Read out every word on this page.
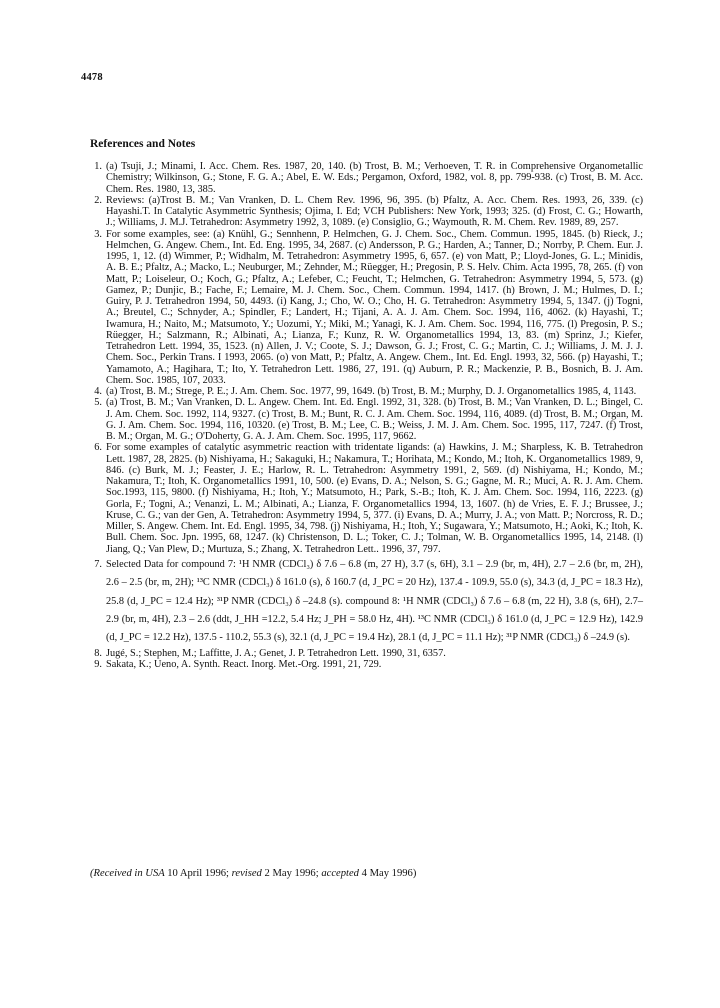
4478
References and Notes
1. (a) Tsuji, J.; Minami, I. Acc. Chem. Res. 1987, 20, 140. (b) Trost, B. M.; Verhoeven, T. R. in Comprehensive Organometallic Chemistry; Wilkinson, G.; Stone, F. G. A.; Abel, E. W. Eds.; Pergamon, Oxford, 1982, vol. 8, pp. 799-938. (c) Trost, B. M. Acc. Chem. Res. 1980, 13, 385.
2. Reviews: (a)Trost B. M.; Van Vranken, D. L. Chem Rev. 1996, 96, 395. (b) Pfaltz, A. Acc. Chem. Res. 1993, 26, 339. (c) Hayashi.T. In Catalytic Asymmetric Synthesis; Ojima, I. Ed; VCH Publishers: New York, 1993; 325. (d) Frost, C. G.; Howarth, J.; Williams, J. M.J. Tetrahedron: Asymmetry 1992, 3, 1089. (e) Consiglio, G.; Waymouth, R. M. Chem. Rev. 1989, 89, 257.
3. For some examples, see: (a) Knühl, G.; Sennhenn, P. Helmchen, G. J. Chem. Soc., Chem. Commun. 1995, 1845. (b) Rieck, J.; Helmchen, G. Angew. Chem., Int. Ed. Eng. 1995, 34, 2687. (c) Andersson, P. G.; Harden, A.; Tanner, D.; Norrby, P. Chem. Eur. J. 1995, 1, 12. (d) Wimmer, P.; Widhalm, M. Tetrahedron: Asymmetry 1995, 6, 657. (e) von Matt, P.; Lloyd-Jones, G. L.; Minidis, A. B. E.; Pfaltz, A.; Macko, L.; Neuburger, M.; Zehnder, M.; Rüegger, H.; Pregosin, P. S. Helv. Chim. Acta 1995, 78, 265. (f) von Matt, P.; Loiseleur, O.; Koch, G.; Pfaltz, A.; Lefeber, C.; Feucht, T.; Helmchen, G. Tetrahedron: Asymmetry 1994, 5, 573. (g) Gamez, P.; Dunjic, B.; Fache, F.; Lemaire, M. J. Chem. Soc., Chem. Commun. 1994, 1417. (h) Brown, J. M.; Hulmes, D. I.; Guiry, P. J. Tetrahedron 1994, 50, 4493. (i) Kang, J.; Cho, W. O.; Cho, H. G. Tetrahedron: Asymmetry 1994, 5, 1347. (j) Togni, A.; Breutel, C.; Schnyder, A.; Spindler, F.; Landert, H.; Tijani, A. A. J. Am. Chem. Soc. 1994, 116, 4062. (k) Hayashi, T.; Iwamura, H.; Naito, M.; Matsumoto, Y.; Uozumi, Y.; Miki, M.; Yanagi, K. J. Am. Chem. Soc. 1994, 116, 775. (l) Pregosin, P. S.; Rüegger, H.; Salzmann, R.; Albinati, A.; Lianza, F.; Kunz, R. W. Organometallics 1994, 13, 83. (m) Sprinz, J.; Kiefer, Tetrahedron Lett. 1994, 35, 1523. (n) Allen, J. V.; Coote, S. J.; Dawson, G. J.; Frost, C. G.; Martin, C. J.; Williams, J. M. J. J. Chem. Soc., Perkin Trans. I 1993, 2065. (o) von Matt, P.; Pfaltz, A. Angew. Chem., Int. Ed. Engl. 1993, 32, 566. (p) Hayashi, T.; Yamamoto, A.; Hagihara, T.; Ito, Y. Tetrahedron Lett. 1986, 27, 191. (q) Auburn, P. R.; Mackenzie, P. B., Bosnich, B. J. Am. Chem. Soc. 1985, 107, 2033.
4. (a) Trost, B. M.; Strege, P. E.; J. Am. Chem. Soc. 1977, 99, 1649. (b) Trost, B. M.; Murphy, D. J. Organometallics 1985, 4, 1143.
5. (a) Trost, B. M.; Van Vranken, D. L. Angew. Chem. Int. Ed. Engl. 1992, 31, 328. (b) Trost, B. M.; Van Vranken, D. L.; Bingel, C. J. Am. Chem. Soc. 1992, 114, 9327. (c) Trost, B. M.; Bunt, R. C. J. Am. Chem. Soc. 1994, 116, 4089. (d) Trost, B. M.; Organ, M. G. J. Am. Chem. Soc. 1994, 116, 10320. (e) Trost, B. M.; Lee, C. B.; Weiss, J. M. J. Am. Chem. Soc. 1995, 117, 7247. (f) Trost, B. M.; Organ, M. G.; O'Doherty, G. A. J. Am. Chem. Soc. 1995, 117, 9662.
6. For some examples of catalytic asymmetric reaction with tridentate ligands: (a) Hawkins, J. M.; Sharpless, K. B. Tetrahedron Lett. 1987, 28, 2825. (b) Nishiyama, H.; Sakaguki, H.; Nakamura, T.; Horihata, M.; Kondo, M.; Itoh, K. Organometallics 1989, 9, 846. (c) Burk, M. J.; Feaster, J. E.; Harlow, R. L. Tetrahedron: Asymmetry 1991, 2, 569. (d) Nishiyama, H.; Kondo, M.; Nakamura, T.; Itoh, K. Organometallics 1991, 10, 500. (e) Evans, D. A.; Nelson, S. G.; Gagne, M. R.; Muci, A. R. J. Am. Chem. Soc.1993, 115, 9800. (f) Nishiyama, H.; Itoh, Y.; Matsumoto, H.; Park, S.-B.; Itoh, K. J. Am. Chem. Soc. 1994, 116, 2223. (g) Gorla, F.; Togni, A.; Venanzi, L. M.; Albinati, A.; Lianza, F. Organometallics 1994, 13, 1607. (h) de Vries, E. F. J.; Brussee, J.; Kruse, C. G.; van der Gen, A. Tetrahedron: Asymmetry 1994, 5, 377. (i) Evans, D. A.; Murry, J. A.; von Matt. P.; Norcross, R. D.; Miller, S. Angew. Chem. Int. Ed. Engl. 1995, 34, 798. (j) Nishiyama, H.; Itoh, Y.; Sugawara, Y.; Matsumoto, H.; Aoki, K.; Itoh, K. Bull. Chem. Soc. Jpn. 1995, 68, 1247. (k) Christenson, D. L.; Toker, C. J.; Tolman, W. B. Organometallics 1995, 14, 2148. (l) Jiang, Q.; Van Plew, D.; Murtuza, S.; Zhang, X. Tetrahedron Lett.. 1996, 37, 797.
7. Selected Data for compound 7: ¹H NMR (CDCl₃) δ 7.6 – 6.8 (m, 27 H), 3.7 (s, 6H), 3.1 – 2.9 (br, m, 4H), 2.7 – 2.6 (br, m, 2H), 2.6 – 2.5 (br, m, 2H); ¹³C NMR (CDCl₃) δ 161.0 (s), δ 160.7 (d, J_PC = 20 Hz), 137.4 - 109.9, 55.0 (s), 34.3 (d, J_PC = 18.3 Hz), 25.8 (d, J_PC = 12.4 Hz); ³¹P NMR (CDCl₃) δ –24.8 (s). compound 8: ¹H NMR (CDCl₃) δ 7.6 – 6.8 (m, 22 H), 3.8 (s, 6H), 2.7–2.9 (br, m, 4H), 2.3 – 2.6 (ddt, J_HH =12.2, 5.4 Hz; J_PH = 58.0 Hz, 4H). ¹³C NMR (CDCl₃) δ 161.0 (d, J_PC = 12.9 Hz), 142.9 (d, J_PC = 12.2 Hz), 137.5 - 110.2, 55.3 (s), 32.1 (d, J_PC = 19.4 Hz), 28.1 (d, J_PC = 11.1 Hz); ³¹P NMR (CDCl₃) δ –24.9 (s).
8. Jugé, S.; Stephen, M.; Laffitte, J. A.; Genet, J. P. Tetrahedron Lett. 1990, 31, 6357.
9. Sakata, K.; Ueno, A. Synth. React. Inorg. Met.-Org. 1991, 21, 729.
(Received in USA 10 April 1996; revised 2 May 1996; accepted 4 May 1996)
